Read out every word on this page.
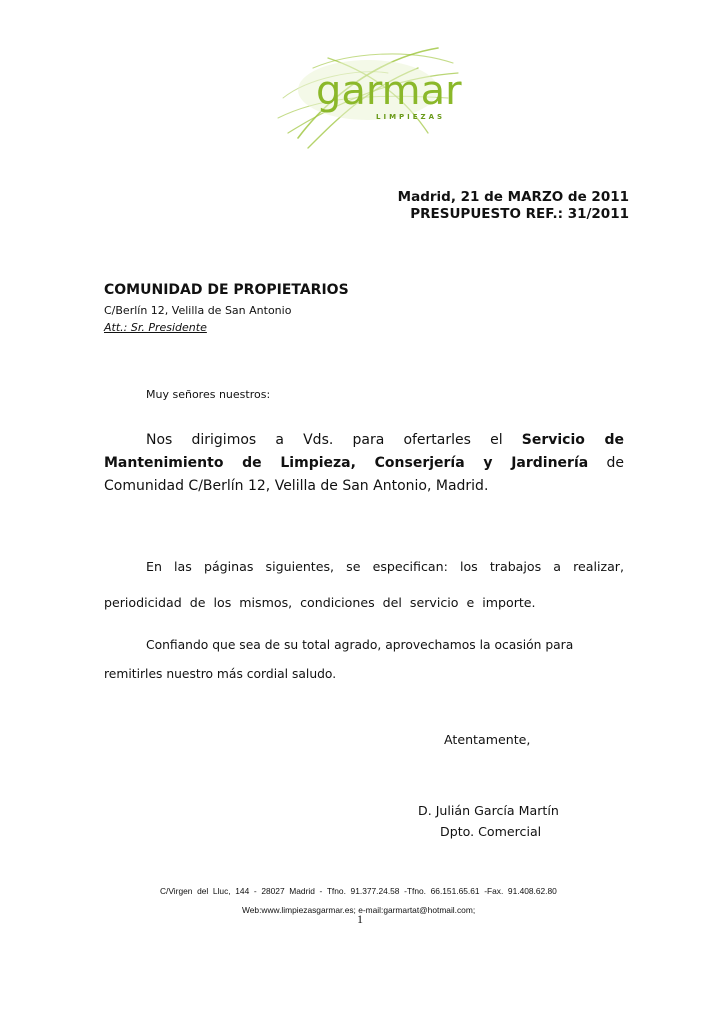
garmar
LIMPIEZAS
Madrid, 21 de MARZO de 2011
PRESUPUESTO REF.: 31/2011
COMUNIDAD DE PROPIETARIOS
C/Berlín 12, Velilla de San Antonio
Att.: Sr. Presidente
Muy señores nuestros:
Nos dirigimos a Vds. para ofertarles el Servicio de Mantenimiento de Limpieza, Conserjería y Jardinería de Comunidad C/Berlín 12, Velilla de San Antonio, Madrid.
En las páginas siguientes, se especifican: los trabajos a realizar, periodicidad de los mismos, condiciones del servicio e importe.
Confiando que sea de su total agrado, aprovechamos la ocasión para remitirles nuestro más cordial saludo.
Atentamente,
D. Julián García Martín
Dpto. Comercial
C/Virgen  del  Lluc,  144  -  28027  Madrid  -  Tfno.  91.377.24.58  -Tfno.  66.151.65.61  -Fax.  91.408.62.80
Web:www.limpiezasgarmar.es; e-mail:garmartat@hotmail.com;
1
